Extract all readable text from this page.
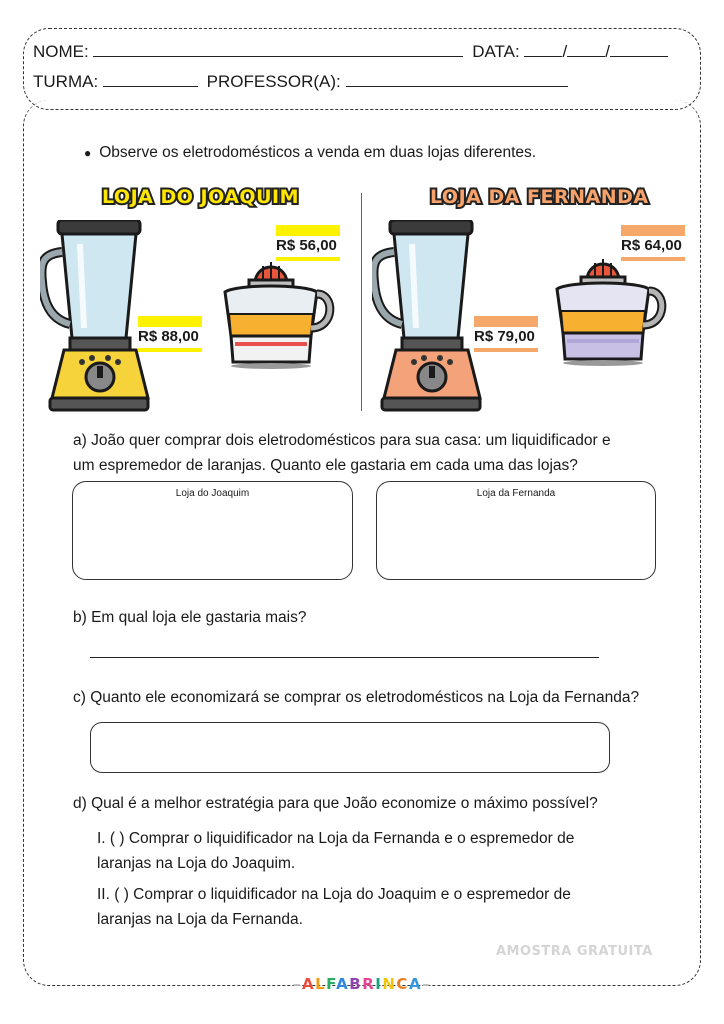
NOME:	DATA:	/ /
TURMA:	PROFESSOR(A):
● Observe os eletrodomésticos a venda em duas lojas diferentes.
LOJA DO JOAQUIM	LOJA DA FERNANDA
R$ 56,00
R$ 88,00
R$ 64,00
R$ 79,00
a) João quer comprar dois eletrodomésticos para sua casa: um liquidificador e
um espremedor de laranjas. Quanto ele gastaria em cada uma das lojas?
Loja do Joaquim	Loja da Fernanda
b) Em qual loja ele gastaria mais?
c) Quanto ele economizará se comprar os eletrodomésticos na Loja da Fernanda?
d) Qual é a melhor estratégia para que João economize o máximo possível?
I. ( ) Comprar o liquidificador na Loja da Fernanda e o espremedor de
laranjas na Loja do Joaquim.
II. ( ) Comprar o liquidificador na Loja do Joaquim e o espremedor de
laranjas na Loja da Fernanda.
AMOSTRA GRATUITA
–ALFABRINCA–
